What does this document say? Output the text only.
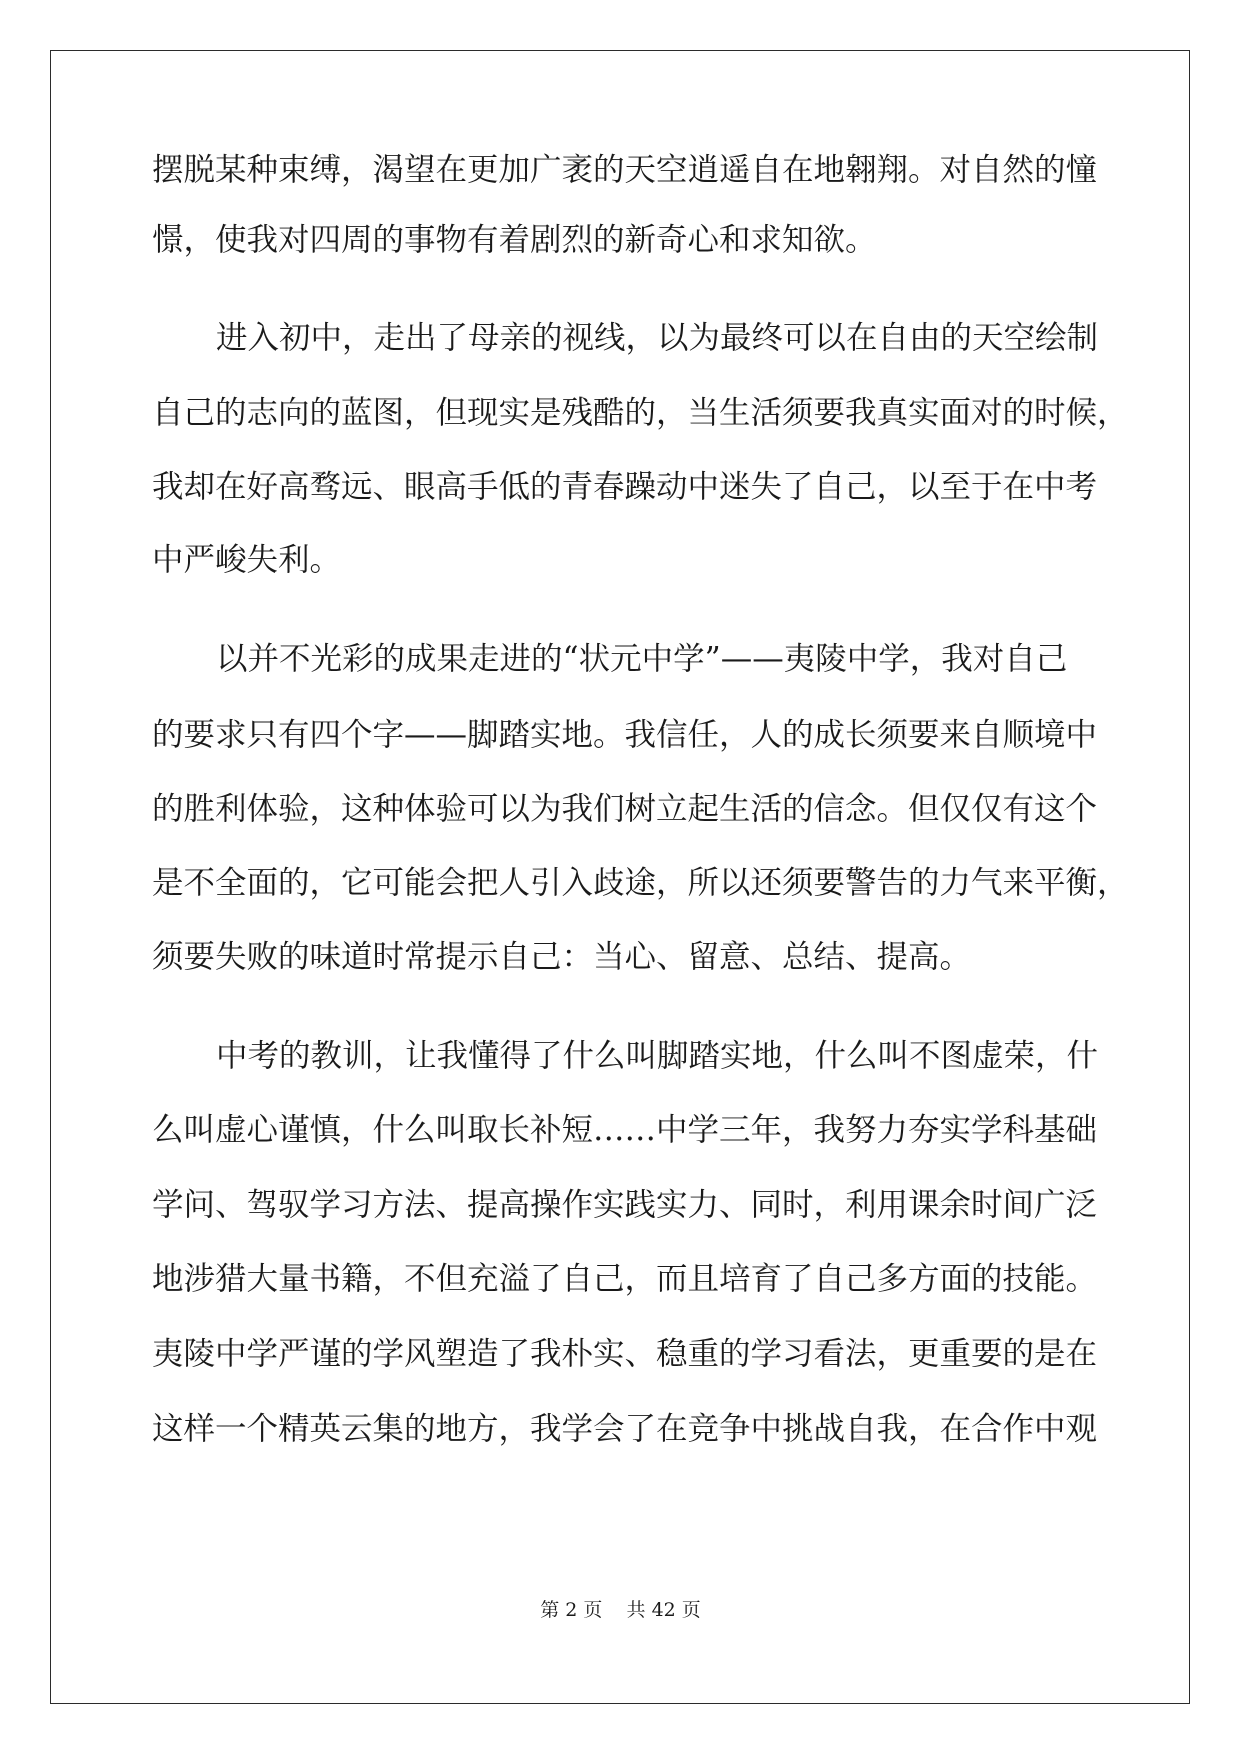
摆脱某种束缚，渴望在更加广袤的天空逍遥自在地翱翔。对自然的憧

憬，使我对四周的事物有着剧烈的新奇心和求知欲。

进入初中，走出了母亲的视线，以为最终可以在自由的天空绘制

自己的志向的蓝图，但现实是残酷的，当生活须要我真实面对的时候，

我却在好高骛远、眼高手低的青春躁动中迷失了自己，以至于在中考

中严峻失利。

以并不光彩的成果走进的“状元中学”——夷陵中学，我对自己

的要求只有四个字——脚踏实地。我信任，人的成长须要来自顺境中

的胜利体验，这种体验可以为我们树立起生活的信念。但仅仅有这个

是不全面的，它可能会把人引入歧途，所以还须要警告的力气来平衡，

须要失败的味道时常提示自己：当心、留意、总结、提高。

中考的教训，让我懂得了什么叫脚踏实地，什么叫不图虚荣，什

么叫虚心谨慎，什么叫取长补短……中学三年，我努力夯实学科基础

学问、驾驭学习方法、提高操作实践实力、同时，利用课余时间广泛

地涉猎大量书籍，不但充溢了自己，而且培育了自己多方面的技能。

夷陵中学严谨的学风塑造了我朴实、稳重的学习看法，更重要的是在

这样一个精英云集的地方，我学会了在竞争中挑战自我，在合作中观

第 2 页    共 42 页
